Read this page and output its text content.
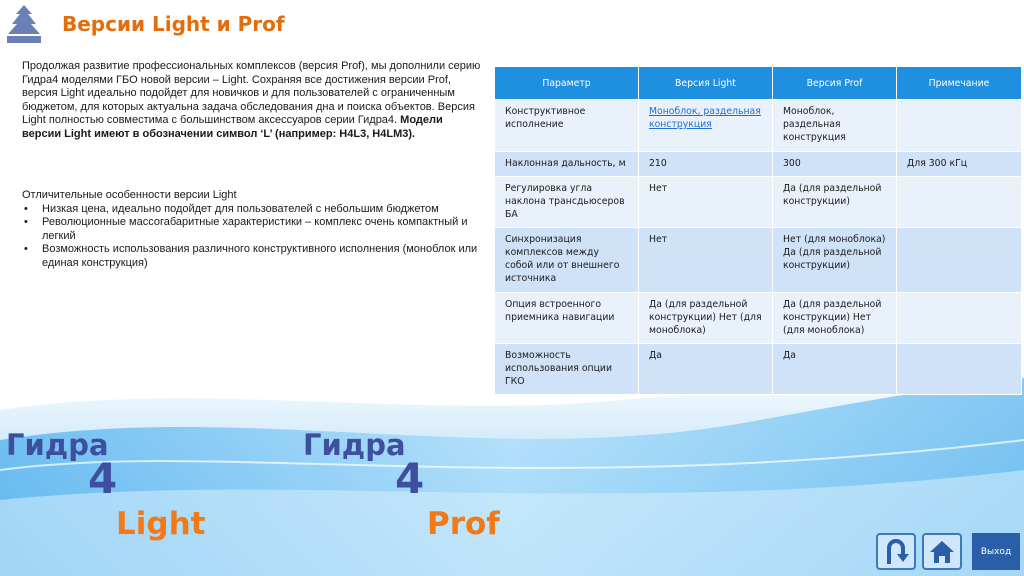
Версии Light и Prof
Продолжая развитие профессиональных комплексов (версия Prof), мы дополнили серию Гидра4 моделями ГБО новой версии – Light. Сохраняя все достижения версии Prof, версия Light идеально подойдет для новичков и для пользователей с ограниченным бюджетом, для которых актуальна задача обследования дна и поиска объектов. Версия Light полностью совместима с большинством аксессуаров серии Гидра4. Модели версии Light имеют в обозначении символ ‘L’ (например: H4L3, H4LM3).
Отличительные особенности версии Light
• Низкая цена, идеально подойдет для пользователей с небольшим бюджетом
• Революционные массогабаритные характеристики – комплекс очень компактный и легкий
• Возможность использования различного конструктивного исполнения (моноблок или единая конструкция)
Параметр	Версия Light	Версия Prof	Примечание
Конструктивное исполнение	Моноблок, раздельная конструкция	Моноблок, раздельная конструкция	
Наклонная дальность, м	210	300	Для 300 кГц
Регулировка угла наклона трансдьюсеров БА	Нет	Да (для раздельной конструкции)	
Синхронизация комплексов между собой или от внешнего источника	Нет	Нет (для моноблока) Да (для раздельной конструкции)	
Опция встроенного приемника навигации	Да (для раздельной конструкции) Нет (для моноблока)	Да (для раздельной конструкции) Нет (для моноблока)	
Возможность использования опции ГКО	Да	Да	
Гидра
4
Light
Гидра
4
Prof
Выход
